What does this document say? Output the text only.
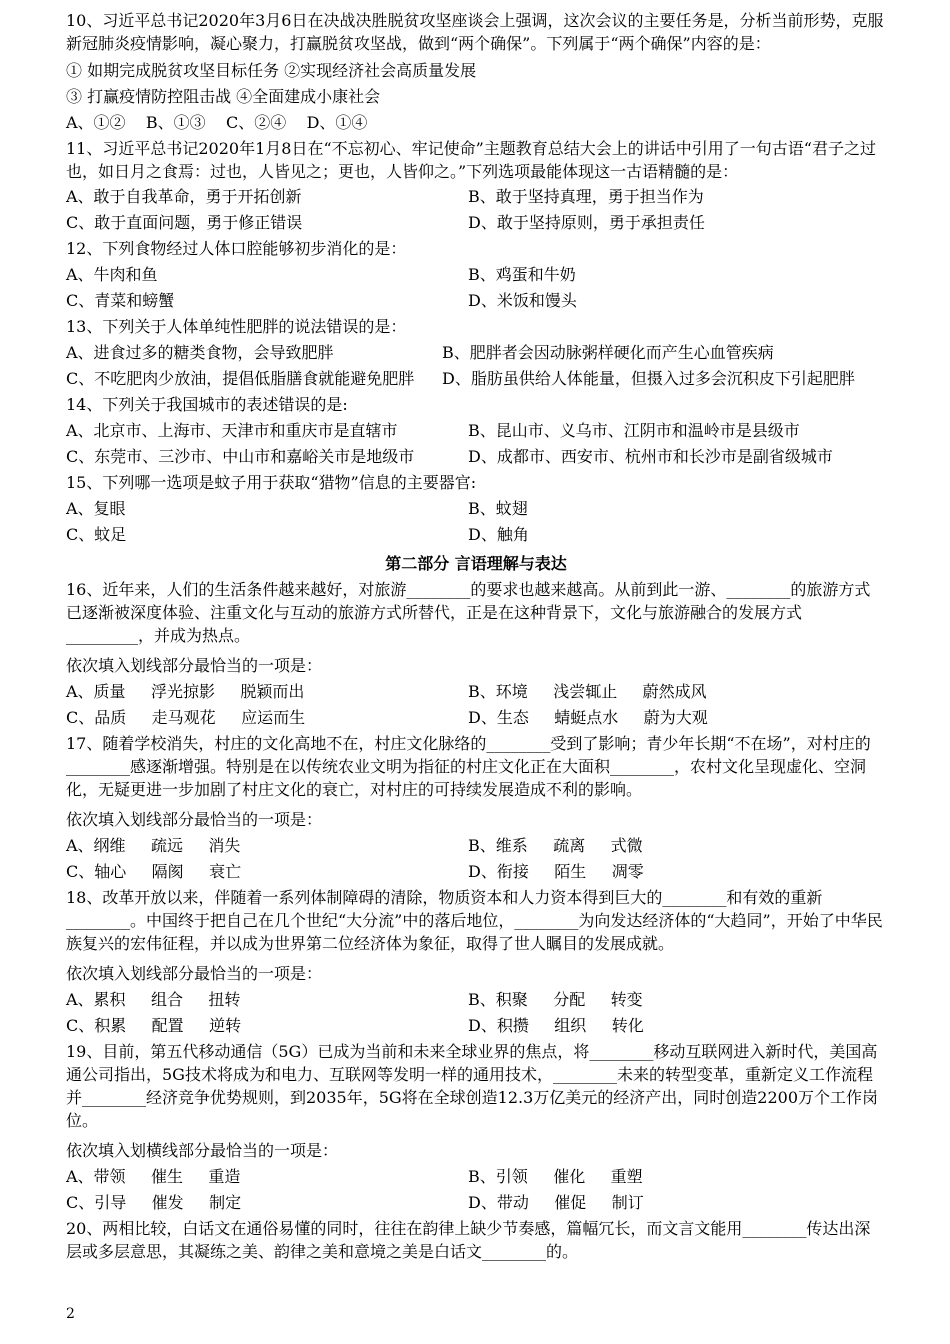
10、习近平总书记2020年3月6日在决战决胜脱贫攻坚座谈会上强调，这次会议的主要任务是，分析当前形势，克服新冠肺炎疫情影响，凝心聚力，打赢脱贫攻坚战，做到“两个确保”。下列属于“两个确保”内容的是：

① 如期完成脱贫攻坚目标任务 ②实现经济社会高质量发展

③ 打赢疫情防控阻击战 ④全面建成小康社会

A、①②    B、①③    C、②④    D、①④

11、习近平总书记2020年1月8日在“不忘初心、牢记使命”主题教育总结大会上的讲话中引用了一句古语“君子之过也，如日月之食焉：过也，人皆见之；更也，人皆仰之。”下列选项最能体现这一古语精髓的是：

A、敢于自我革命，勇于开拓创新	B、敢于坚持真理，勇于担当作为
C、敢于直面问题，勇于修正错误	D、敢于坚持原则，勇于承担责任

12、下列食物经过人体口腔能够初步消化的是：

A、牛肉和鱼	B、鸡蛋和牛奶
C、青菜和螃蟹	D、米饭和馒头

13、下列关于人体单纯性肥胖的说法错误的是：

A、进食过多的糖类食物，会导致肥胖	B、肥胖者会因动脉粥样硬化而产生心血管疾病
C、不吃肥肉少放油，提倡低脂膳食就能避免肥胖	D、脂肪虽供给人体能量，但摄入过多会沉积皮下引起肥胖

14、下列关于我国城市的表述错误的是:

A、北京市、上海市、天津市和重庆市是直辖市	B、昆山市、义乌市、江阴市和温岭市是县级市
C、东莞市、三沙市、中山市和嘉峪关市是地级市	D、成都市、西安市、杭州市和长沙市是副省级城市

15、下列哪一选项是蚊子用于获取“猎物”信息的主要器官:

A、复眼	B、蚊翅
C、蚊足	D、触角

第二部分 言语理解与表达

16、近年来，人们的生活条件越来越好，对旅游________的要求也越来越高。从前到此一游、________的旅游方式已逐渐被深度体验、注重文化与互动的旅游方式所替代，正是在这种背景下，文化与旅游融合的发展方式_________，并成为热点。

依次填入划线部分最恰当的一项是：

A、质量     浮光掠影     脱颖而出	B、环境     浅尝辄止     蔚然成风
C、品质     走马观花     应运而生	D、生态     蜻蜓点水     蔚为大观

17、随着学校消失，村庄的文化高地不在，村庄文化脉络的________受到了影响；青少年长期“不在场”，对村庄的________感逐渐增强。特别是在以传统农业文明为指征的村庄文化正在大面积________，农村文化呈现虚化、空洞化，无疑更进一步加剧了村庄文化的衰亡，对村庄的可持续发展造成不利的影响。

依次填入划线部分最恰当的一项是：

A、纲维     疏远     消失	B、维系     疏离     式微
C、轴心     隔阂     衰亡	D、衔接     陌生     凋零

18、改革开放以来，伴随着一系列体制障碍的清除，物质资本和人力资本得到巨大的________和有效的重新________。中国终于把自己在几个世纪“大分流”中的落后地位，________为向发达经济体的“大趋同”，开始了中华民族复兴的宏伟征程，并以成为世界第二位经济体为象征，取得了世人瞩目的发展成就。

依次填入划线部分最恰当的一项是：

A、累积     组合     扭转	B、积聚     分配     转变
C、积累     配置     逆转	D、积攒     组织     转化

19、目前，第五代移动通信（5G）已成为当前和未来全球业界的焦点，将________移动互联网进入新时代，美国高通公司指出，5G技术将成为和电力、互联网等发明一样的通用技术，________未来的转型变革，重新定义工作流程并________经济竞争优势规则，到2035年，5G将在全球创造12.3万亿美元的经济产出，同时创造2200万个工作岗位。

依次填入划横线部分最恰当的一项是：

A、带领     催生     重造	B、引领     催化     重塑
C、引导     催发     制定	D、带动     催促     制订

20、两相比较，白话文在通俗易懂的同时，往往在韵律上缺少节奏感，篇幅冗长，而文言文能用________传达出深层或多层意思，其凝练之美、韵律之美和意境之美是白话文________的。

2
